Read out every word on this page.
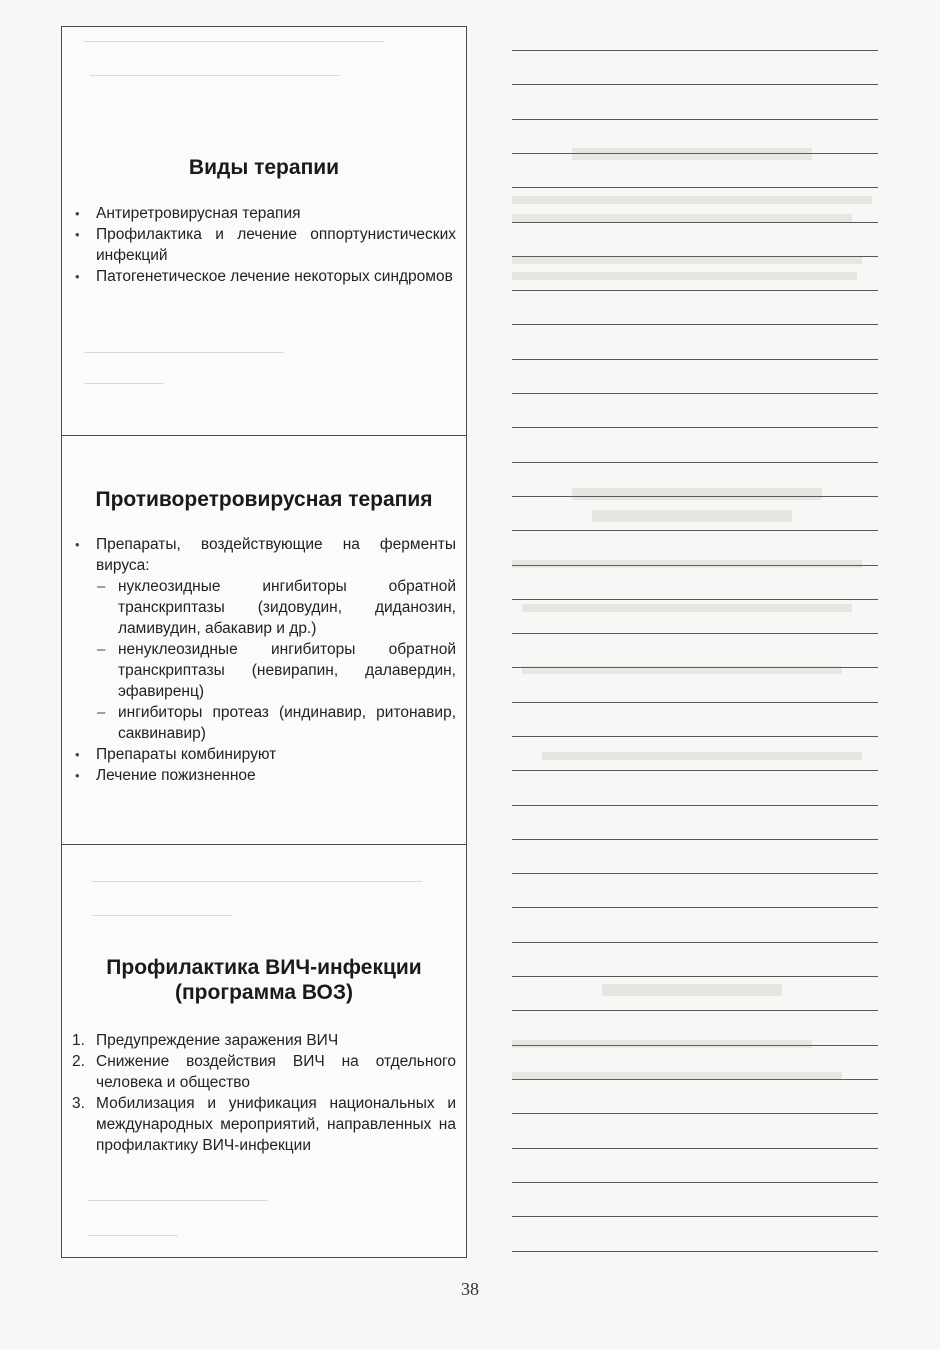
Виды терапии
• Антиретровирусная терапия
• Профилактика и лечение оппортунистических инфекций
• Патогенетическое лечение некоторых синдромов
Противоретровирусная терапия
• Препараты, воздействующие на ферменты вируса:
– нуклеозидные ингибиторы обратной транскриптазы (зидовудин, диданозин, ламивудин, абакавир и др.)
– ненуклеозидные ингибиторы обратной транскриптазы (невирапин, далавердин, эфавиренц)
– ингибиторы протеаз (индинавир, ритонавир, саквинавир)
• Препараты комбинируют
• Лечение пожизненное
Профилактика ВИЧ-инфекции
(программа ВОЗ)
1. Предупреждение заражения ВИЧ
2. Снижение воздействия ВИЧ на отдельного человека и общество
3. Мобилизация и унификация национальных и международных мероприятий, направленных на профилактику ВИЧ-инфекции
38
